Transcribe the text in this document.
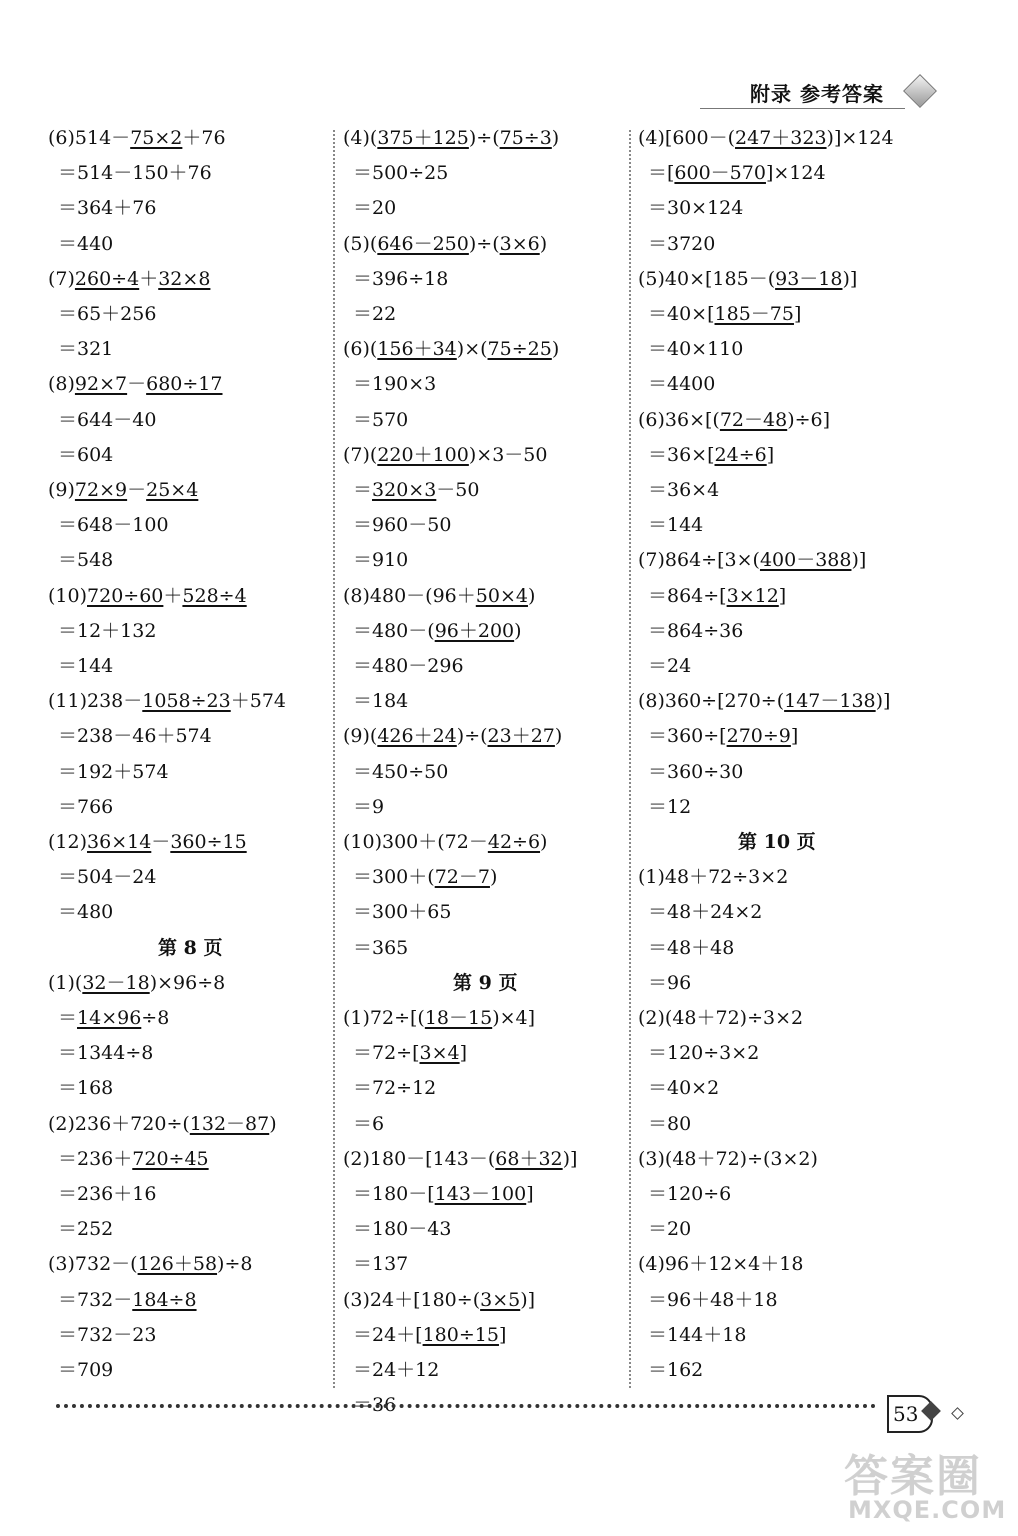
附录 参考答案
(6)514－75×2＋76
＝514－150＋76
＝364＋76
＝440
(7)260÷4＋32×8
＝65＋256
＝321
(8)92×7－680÷17
＝644－40
＝604
(9)72×9－25×4
＝648－100
＝548
(10)720÷60＋528÷4
＝12＋132
＝144
(11)238－1058÷23＋574
＝238－46＋574
＝192＋574
＝766
(12)36×14－360÷15
＝504－24
＝480
第 8 页
(1)(32－18)×96÷8
＝14×96÷8
＝1344÷8
＝168
(2)236＋720÷(132－87)
＝236＋720÷45
＝236＋16
＝252
(3)732－(126＋58)÷8
＝732－184÷8
＝732－23
＝709
(4)(375＋125)÷(75÷3)
＝500÷25
＝20
(5)(646－250)÷(3×6)
＝396÷18
＝22
(6)(156＋34)×(75÷25)
＝190×3
＝570
(7)(220＋100)×3－50
＝320×3－50
＝960－50
＝910
(8)480－(96＋50×4)
＝480－(96＋200)
＝480－296
＝184
(9)(426＋24)÷(23＋27)
＝450÷50
＝9
(10)300＋(72－42÷6)
＝300＋(72－7)
＝300＋65
＝365
第 9 页
(1)72÷[(18－15)×4]
＝72÷[3×4]
＝72÷12
＝6
(2)180－[143－(68＋32)]
＝180－[143－100]
＝180－43
＝137
(3)24＋[180÷(3×5)]
＝24＋[180÷15]
＝24＋12
＝36
(4)[600－(247＋323)]×124
＝[600－570]×124
＝30×124
＝3720
(5)40×[185－(93－18)]
＝40×[185－75]
＝40×110
＝4400
(6)36×[(72－48)÷6]
＝36×[24÷6]
＝36×4
＝144
(7)864÷[3×(400－388)]
＝864÷[3×12]
＝864÷36
＝24
(8)360÷[270÷(147－138)]
＝360÷[270÷9]
＝360÷30
＝12
第 10 页
(1)48＋72÷3×2
＝48＋24×2
＝48＋48
＝96
(2)(48＋72)÷3×2
＝120÷3×2
＝40×2
＝80
(3)(48＋72)÷(3×2)
＝120÷6
＝20
(4)96＋12×4＋18
＝96＋48＋18
＝144＋18
＝162
53
答案圈
MXQE.COM
